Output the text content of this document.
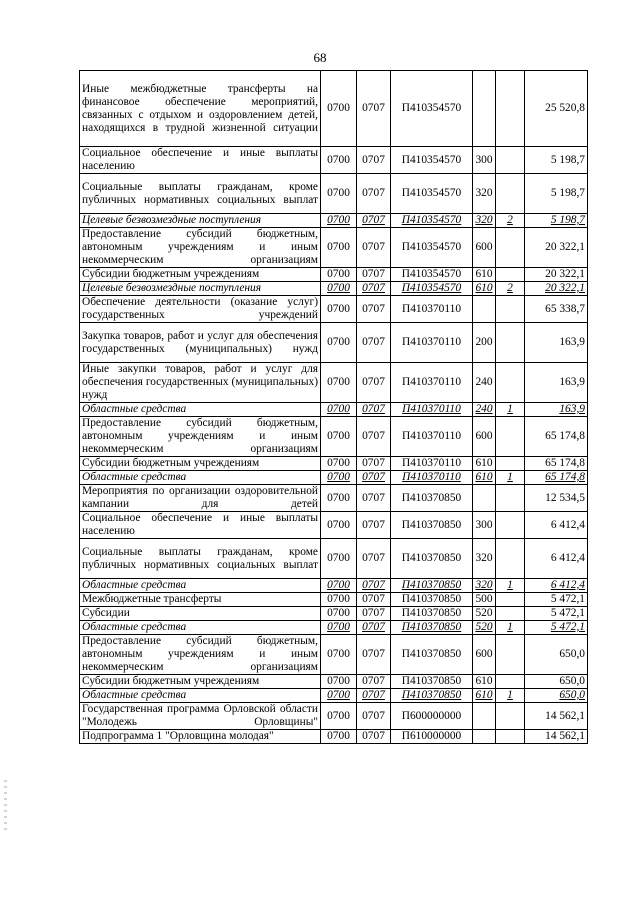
68
Иные межбюджетные трансферты на финансовое обеспечение мероприятий, связанных с отдыхом и оздоровлением детей, находящихся в трудной жизненной ситуации	0700	0707	П410354570			25 520,8
Социальное обеспечение и иные выплаты населению	0700	0707	П410354570	300		5 198,7
Социальные выплаты гражданам, кроме публичных нормативных социальных выплат	0700	0707	П410354570	320		5 198,7
Целевые безвозмездные поступления	0700	0707	П410354570	320	2	5 198,7
Предоставление субсидий бюджетным, автономным учреждениям и иным некоммерческим организациям	0700	0707	П410354570	600		20 322,1
Субсидии бюджетным учреждениям	0700	0707	П410354570	610		20 322,1
Целевые безвозмездные поступления	0700	0707	П410354570	610	2	20 322,1
Обеспечение деятельности (оказание услуг) государственных учреждений	0700	0707	П410370110			65 338,7
Закупка товаров, работ и услуг для обеспечения государственных (муниципальных) нужд	0700	0707	П410370110	200		163,9
Иные закупки товаров, работ и услуг для обеспечения государственных (муниципальных) нужд	0700	0707	П410370110	240		163,9
Областные средства	0700	0707	П410370110	240	1	163,9
Предоставление субсидий бюджетным, автономным учреждениям и иным некоммерческим организациям	0700	0707	П410370110	600		65 174,8
Субсидии бюджетным учреждениям	0700	0707	П410370110	610		65 174,8
Областные средства	0700	0707	П410370110	610	1	65 174,8
Мероприятия по организации оздоровительной кампании для детей	0700	0707	П410370850			12 534,5
Социальное обеспечение и иные выплаты населению	0700	0707	П410370850	300		6 412,4
Социальные выплаты гражданам, кроме публичных нормативных социальных выплат	0700	0707	П410370850	320		6 412,4
Областные средства	0700	0707	П410370850	320	1	6 412,4
Межбюджетные трансферты	0700	0707	П410370850	500		5 472,1
Субсидии	0700	0707	П410370850	520		5 472,1
Областные средства	0700	0707	П410370850	520	1	5 472,1
Предоставление субсидий бюджетным, автономным учреждениям и иным некоммерческим организациям	0700	0707	П410370850	600		650,0
Субсидии бюджетным учреждениям	0700	0707	П410370850	610		650,0
Областные средства	0700	0707	П410370850	610	1	650,0
Государственная программа Орловской области "Молодежь Орловщины"	0700	0707	П600000000			14 562,1
Подпрограмма 1 "Орловщина молодая"	0700	0707	П610000000			14 562,1
